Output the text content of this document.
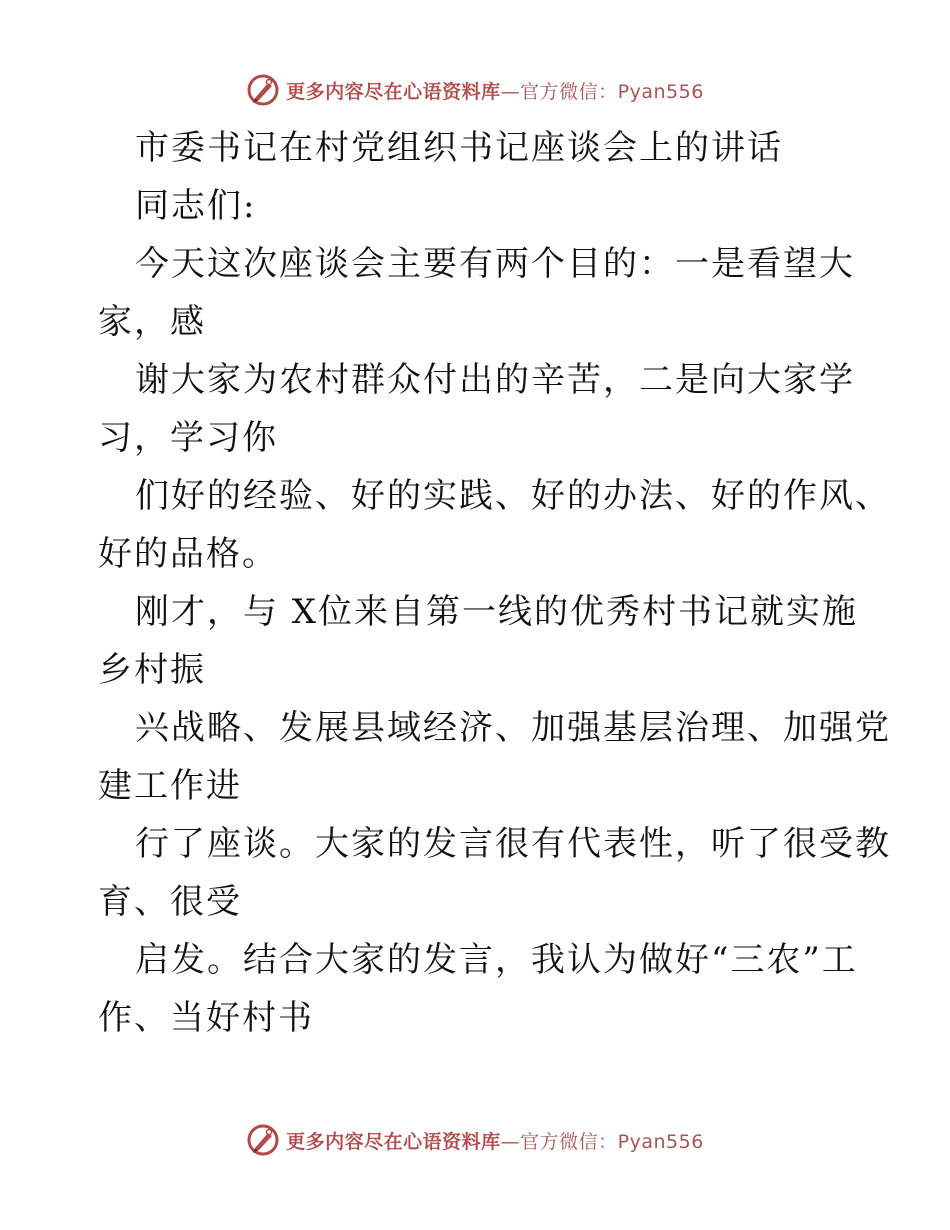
更多内容尽在心语资料库—官方微信：Pyan556
市委书记在村党组织书记座谈会上的讲话
同志们:
今天这次座谈会主要有两个目的：一是看望大
家，感
谢大家为农村群众付出的辛苦，二是向大家学
习，学习你
们好的经验、好的实践、好的办法、好的作风、
好的品格。
刚才，与 X位来自第一线的优秀村书记就实施
乡村振
兴战略、发展县域经济、加强基层治理、加强党
建工作进
行了座谈。大家的发言很有代表性，听了很受教
育、很受
启发。结合大家的发言，我认为做好“三农”工
作、当好村书
更多内容尽在心语资料库—官方微信：Pyan556
